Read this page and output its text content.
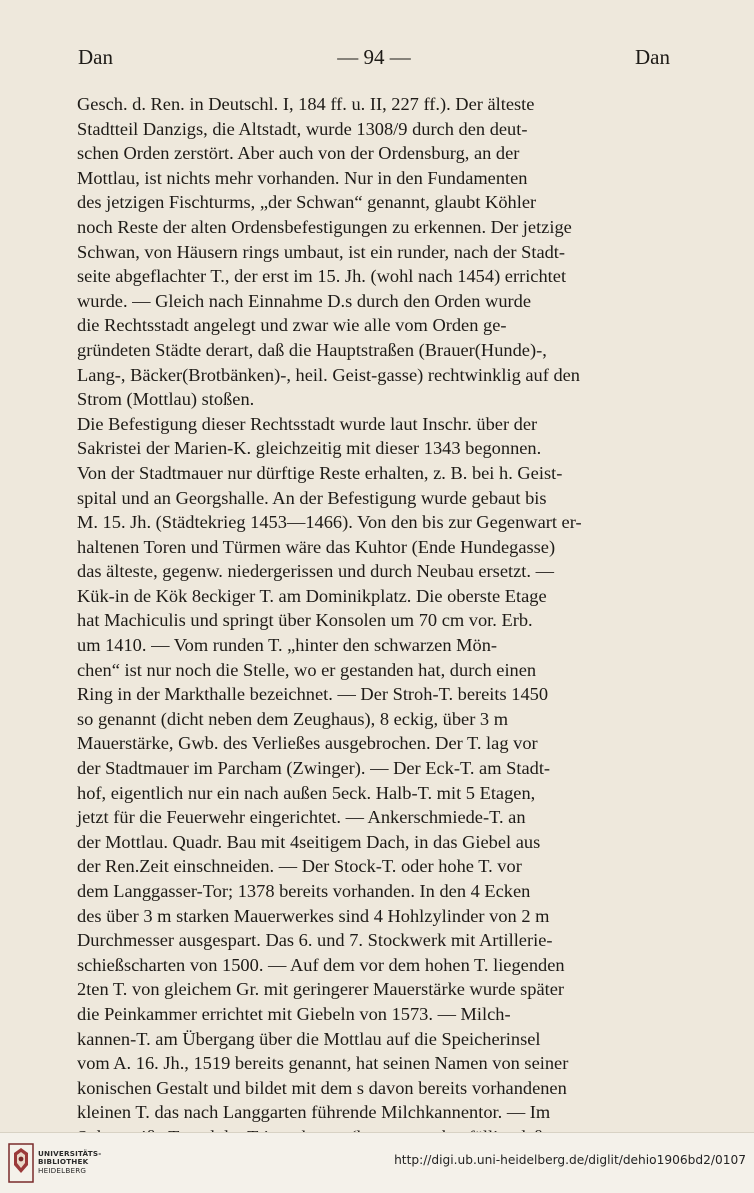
Dan	— 94 —	Dan
Gesch. d. Ren. in Deutschl. I, 184 ff. u. II, 227 ff.). Der älteste
Stadtteil Danzigs, die Altstadt, wurde 1308/9 durch den deut-
schen Orden zerstört. Aber auch von der Ordensburg, an der
Mottlau, ist nichts mehr vorhanden. Nur in den Fundamenten
des jetzigen Fischturms, „der Schwan“ genannt, glaubt Köhler
noch Reste der alten Ordensbefestigungen zu erkennen. Der jetzige
Schwan, von Häusern rings umbaut, ist ein runder, nach der Stadt-
seite abgeflachter T., der erst im 15. Jh. (wohl nach 1454) errichtet
wurde. — Gleich nach Einnahme D.s durch den Orden wurde
die Rechtsstadt angelegt und zwar wie alle vom Orden ge-
gründeten Städte derart, daß die Hauptstraßen (Brauer(Hunde)-,
Lang-, Bäcker(Brotbänken)-, heil. Geist-gasse) rechtwinklig auf den
Strom (Mottlau) stoßen.
Die Befestigung dieser Rechtsstadt wurde laut Inschr. über der
Sakristei der Marien-K. gleichzeitig mit dieser 1343 begonnen.
Von der Stadtmauer nur dürftige Reste erhalten, z. B. bei h. Geist-
spital und an Georgshalle. An der Befestigung wurde gebaut bis
M. 15. Jh. (Städtekrieg 1453—1466). Von den bis zur Gegenwart er-
haltenen Toren und Türmen wäre das Kuhtor (Ende Hundegasse)
das älteste, gegenw. niedergerissen und durch Neubau ersetzt. —
Kük-in de Kök 8eckiger T. am Dominikplatz. Die oberste Etage
hat Machiculis und springt über Konsolen um 70 cm vor. Erb.
um 1410. — Vom runden T. „hinter den schwarzen Mön-
chen“ ist nur noch die Stelle, wo er gestanden hat, durch einen
Ring in der Markthalle bezeichnet. — Der Stroh-T. bereits 1450
so genannt (dicht neben dem Zeughaus), 8 eckig, über 3 m
Mauerstärke, Gwb. des Verließes ausgebrochen. Der T. lag vor
der Stadtmauer im Parcham (Zwinger). — Der Eck-T. am Stadt-
hof, eigentlich nur ein nach außen 5eck. Halb-T. mit 5 Etagen,
jetzt für die Feuerwehr eingerichtet. — Ankerschmiede-T. an
der Mottlau. Quadr. Bau mit 4seitigem Dach, in das Giebel aus
der Ren.Zeit einschneiden. — Der Stock-T. oder hohe T. vor
dem Langgasser-Tor; 1378 bereits vorhanden. In den 4 Ecken
des über 3 m starken Mauerwerkes sind 4 Hohlzylinder von 2 m
Durchmesser ausgespart. Das 6. und 7. Stockwerk mit Artillerie-
schießscharten von 1500. — Auf dem vor dem hohen T. liegenden
2ten T. von gleichem Gr. mit geringerer Mauerstärke wurde später
die Peinkammer errichtet mit Giebeln von 1573. — Milch-
kannen-T. am Übergang über die Mottlau auf die Speicherinsel
vom A. 16. Jh., 1519 bereits genannt, hat seinen Namen von seiner
konischen Gestalt und bildet mit dem s davon bereits vorhandenen
kleinen T. das nach Langgarten führende Milchkannentor. — Im
UNIVERSITÄTS-
BIBLIOTHEK
HEIDELBERG
http://digi.ub.uni-heidelberg.de/diglit/dehio1906bd2/0107
